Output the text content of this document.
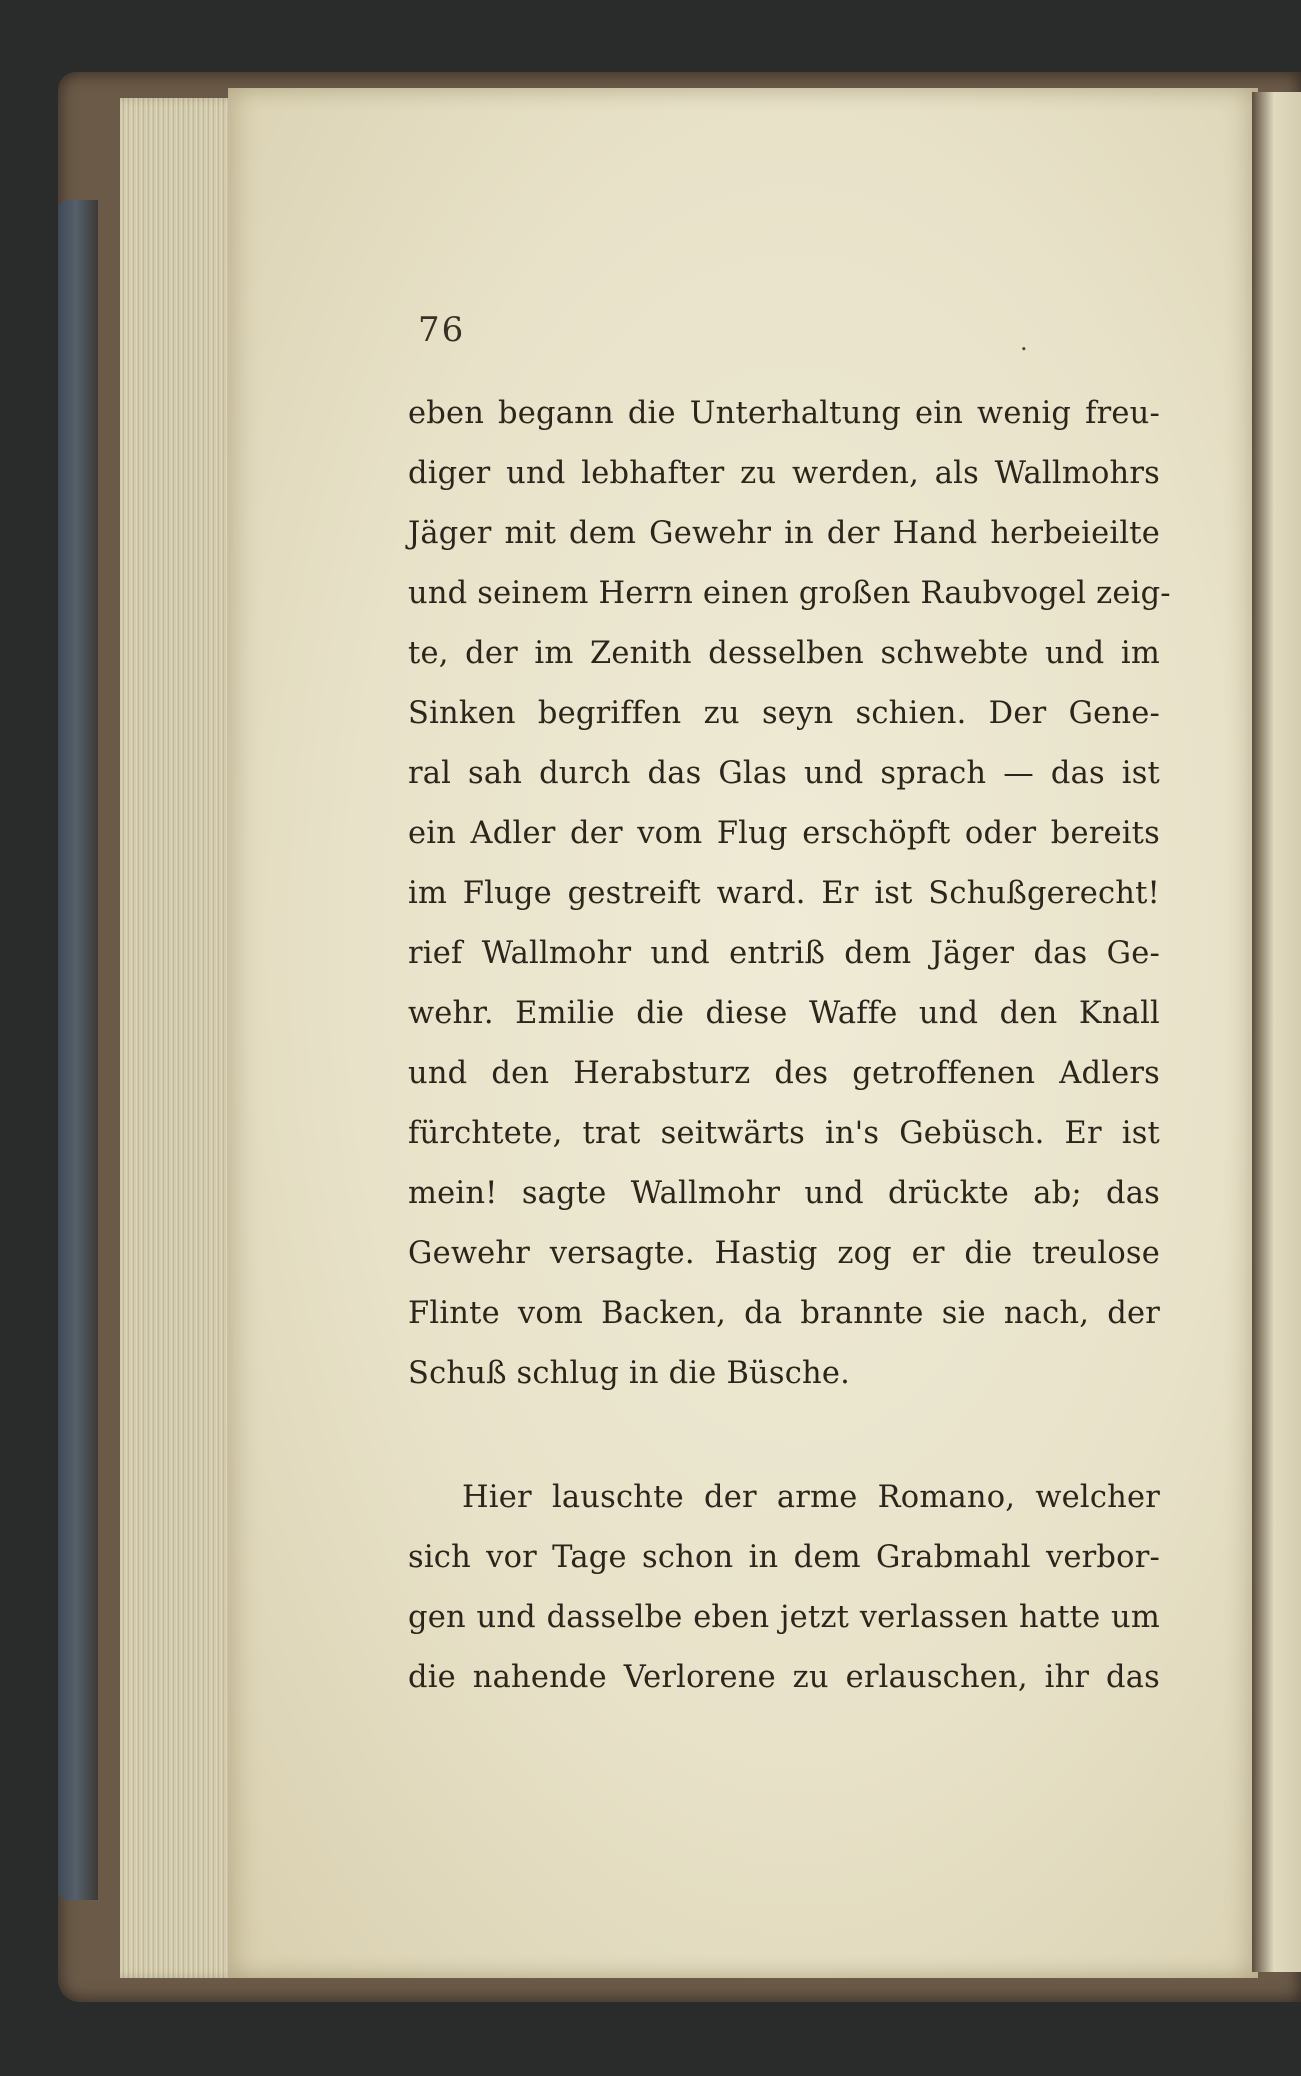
76	.
eben begann die Unterhaltung ein wenig freu-
diger und lebhafter zu werden, als Wallmohrs
Jäger mit dem Gewehr in der Hand herbeieilte
und seinem Herrn einen großen Raubvogel zeig-
te, der im Zenith desselben schwebte und im
Sinken begriffen zu seyn schien. Der Gene-
ral sah durch das Glas und sprach — das ist
ein Adler der vom Flug erschöpft oder bereits
im Fluge gestreift ward. Er ist Schußgerecht!
rief Wallmohr und entriß dem Jäger das Ge-
wehr. Emilie die diese Waffe und den Knall
und den Herabsturz des getroffenen Adlers
fürchtete, trat seitwärts in's Gebüsch. Er ist
mein! sagte Wallmohr und drückte ab; das
Gewehr versagte. Hastig zog er die treulose
Flinte vom Backen, da brannte sie nach, der
Schuß schlug in die Büsche.
Hier lauschte der arme Romano, welcher
sich vor Tage schon in dem Grabmahl verbor-
gen und dasselbe eben jetzt verlassen hatte um
die nahende Verlorene zu erlauschen, ihr das
